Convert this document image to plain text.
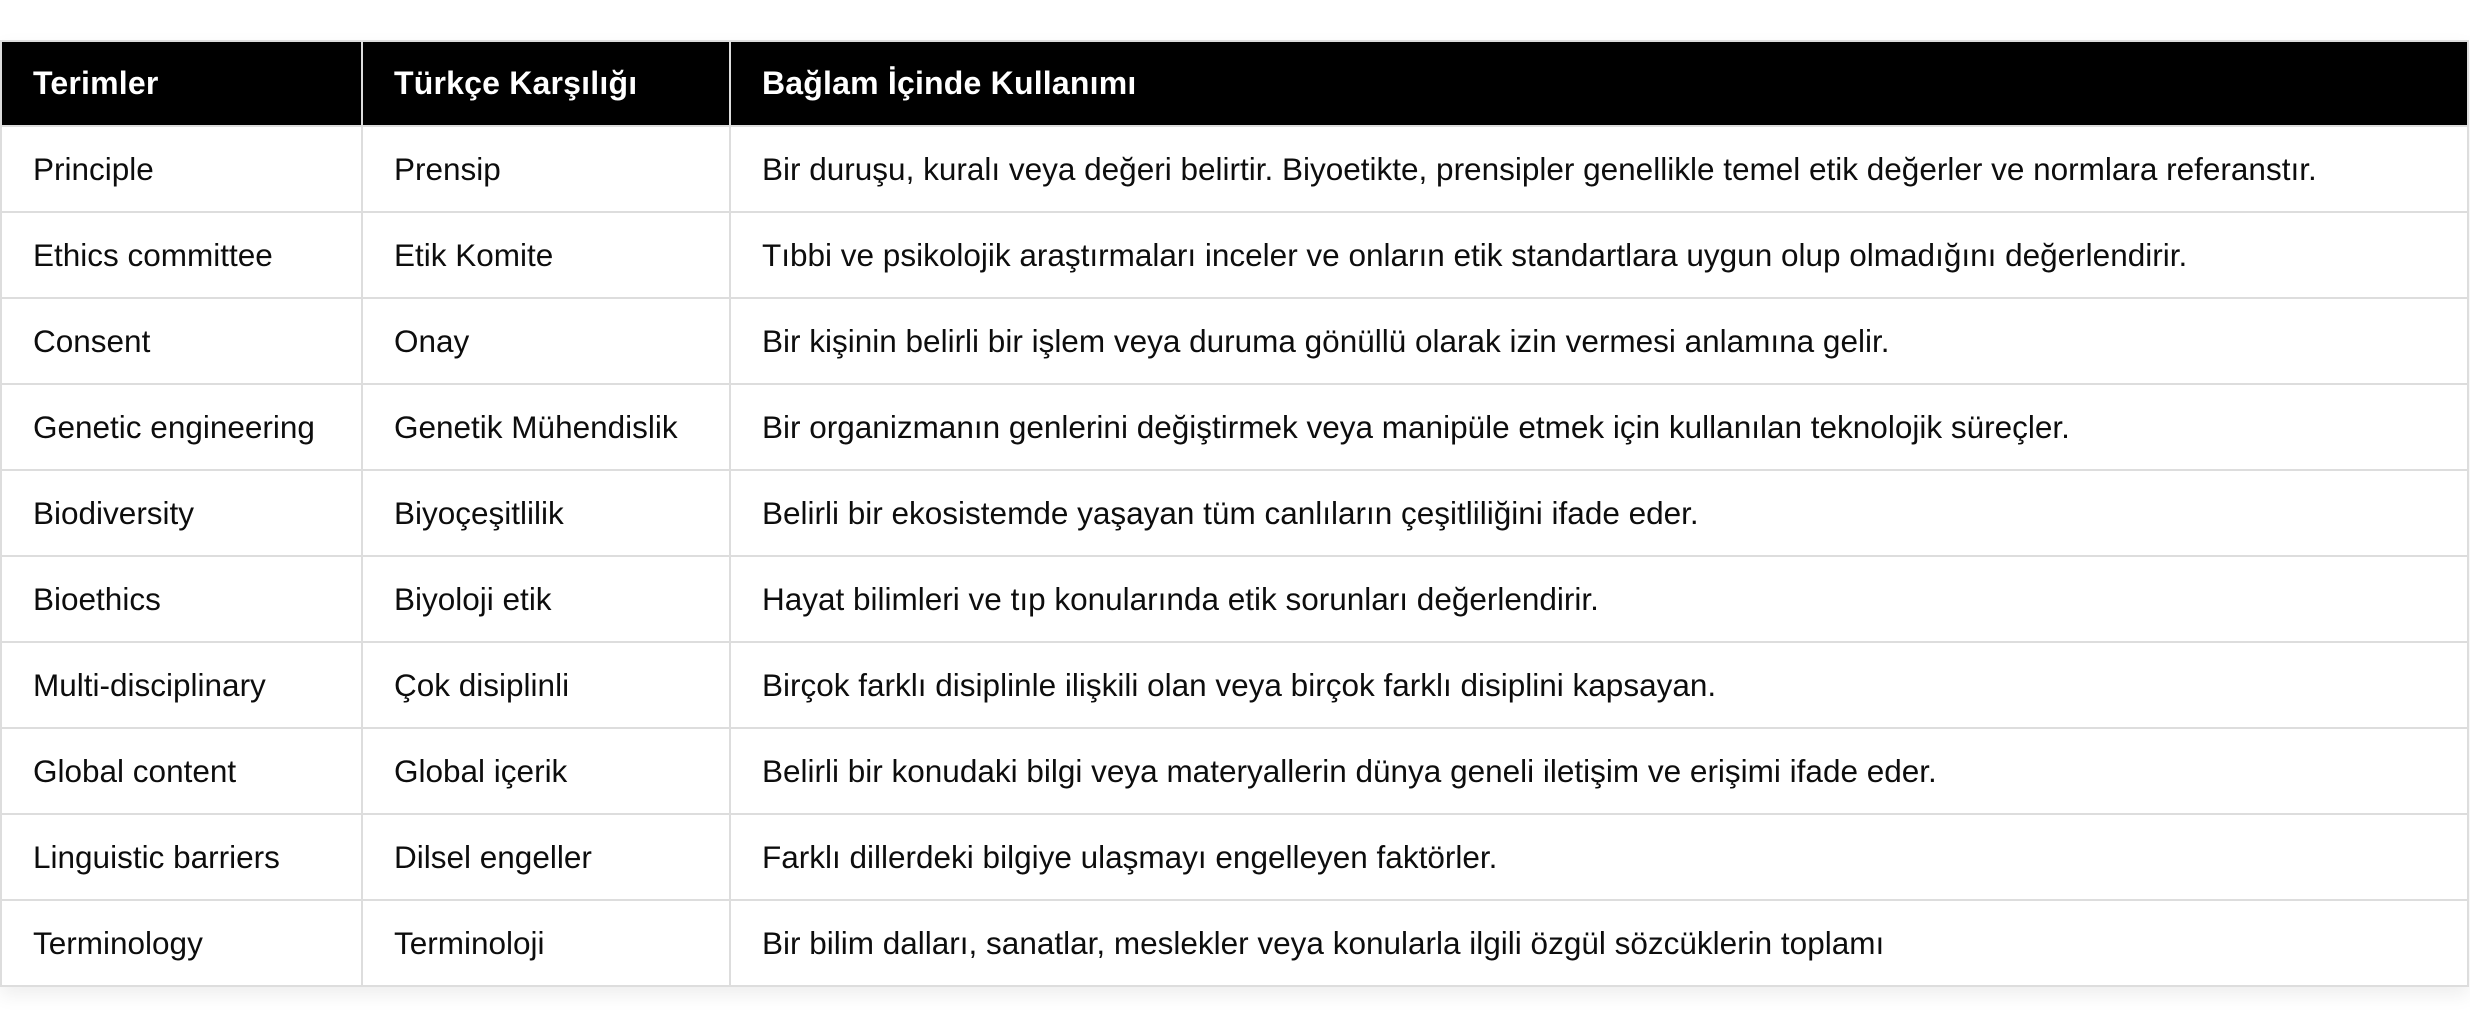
Terimler	Türkçe Karşılığı	Bağlam İçinde Kullanımı
Principle	Prensip	Bir duruşu, kuralı veya değeri belirtir. Biyoetikte, prensipler genellikle temel etik değerler ve normlara referanstır.
Ethics committee	Etik Komite	Tıbbi ve psikolojik araştırmaları inceler ve onların etik standartlara uygun olup olmadığını değerlendirir.
Consent	Onay	Bir kişinin belirli bir işlem veya duruma gönüllü olarak izin vermesi anlamına gelir.
Genetic engineering	Genetik Mühendislik	Bir organizmanın genlerini değiştirmek veya manipüle etmek için kullanılan teknolojik süreçler.
Biodiversity	Biyoçeşitlilik	Belirli bir ekosistemde yaşayan tüm canlıların çeşitliliğini ifade eder.
Bioethics	Biyoloji etik	Hayat bilimleri ve tıp konularında etik sorunları değerlendirir.
Multi-disciplinary	Çok disiplinli	Birçok farklı disiplinle ilişkili olan veya birçok farklı disiplini kapsayan.
Global content	Global içerik	Belirli bir konudaki bilgi veya materyallerin dünya geneli iletişim ve erişimi ifade eder.
Linguistic barriers	Dilsel engeller	Farklı dillerdeki bilgiye ulaşmayı engelleyen faktörler.
Terminology	Terminoloji	Bir bilim dalları, sanatlar, meslekler veya konularla ilgili özgül sözcüklerin toplamı
